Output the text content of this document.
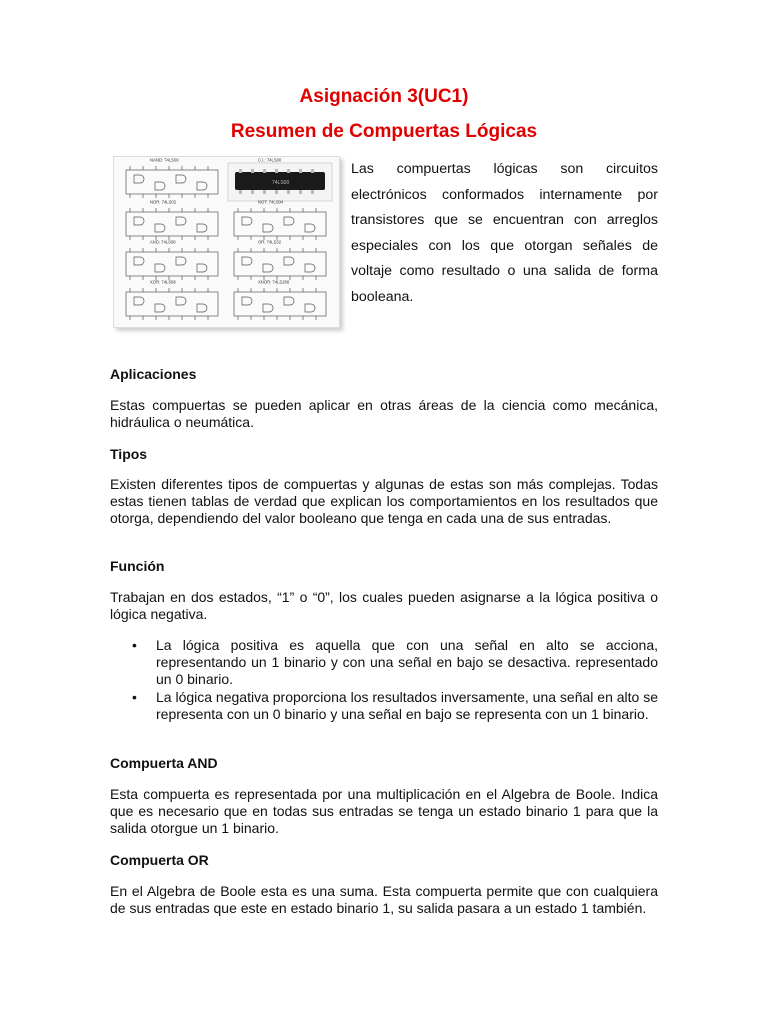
Asignación 3(UC1)
Resumen de Compuertas Lógicas
74LS00
NAND: 74LS00	C.I.: 74LS00
NOR: 74LS02	NOT: 74LS04
AND: 74LS08	OR: 74LS32
XOR: 74LS86	XNOR: 74LS266
Las compuertas lógicas son circuitos electrónicos conformados internamente por transistores que se encuentran con arreglos especiales con los que otorgan señales de voltaje como resultado o una salida de forma booleana.
Aplicaciones
Estas compuertas se pueden aplicar en otras áreas de la ciencia como mecánica, hidráulica o neumática.
Tipos
Existen diferentes tipos de compuertas y algunas de estas son más complejas. Todas estas tienen tablas de verdad que explican los comportamientos en los resultados que otorga, dependiendo del valor booleano que tenga en cada una de sus entradas.
Función
Trabajan en dos estados, “1” o “0”, los cuales pueden asignarse a la lógica positiva o lógica negativa.
• La lógica positiva es aquella que con una señal en alto se acciona, representando un 1 binario y con una señal en bajo se desactiva. representado un 0 binario.
• La lógica negativa proporciona los resultados inversamente, una señal en alto se representa con un 0 binario y una señal en bajo se representa con un 1 binario.
Compuerta AND
Esta compuerta es representada por una multiplicación en el Algebra de Boole. Indica que es necesario que en todas sus entradas se tenga un estado binario 1 para que la salida otorgue un 1 binario.
Compuerta OR
En el Algebra de Boole esta es una suma. Esta compuerta permite que con cualquiera de sus entradas que este en estado binario 1, su salida pasara a un estado 1 también.
